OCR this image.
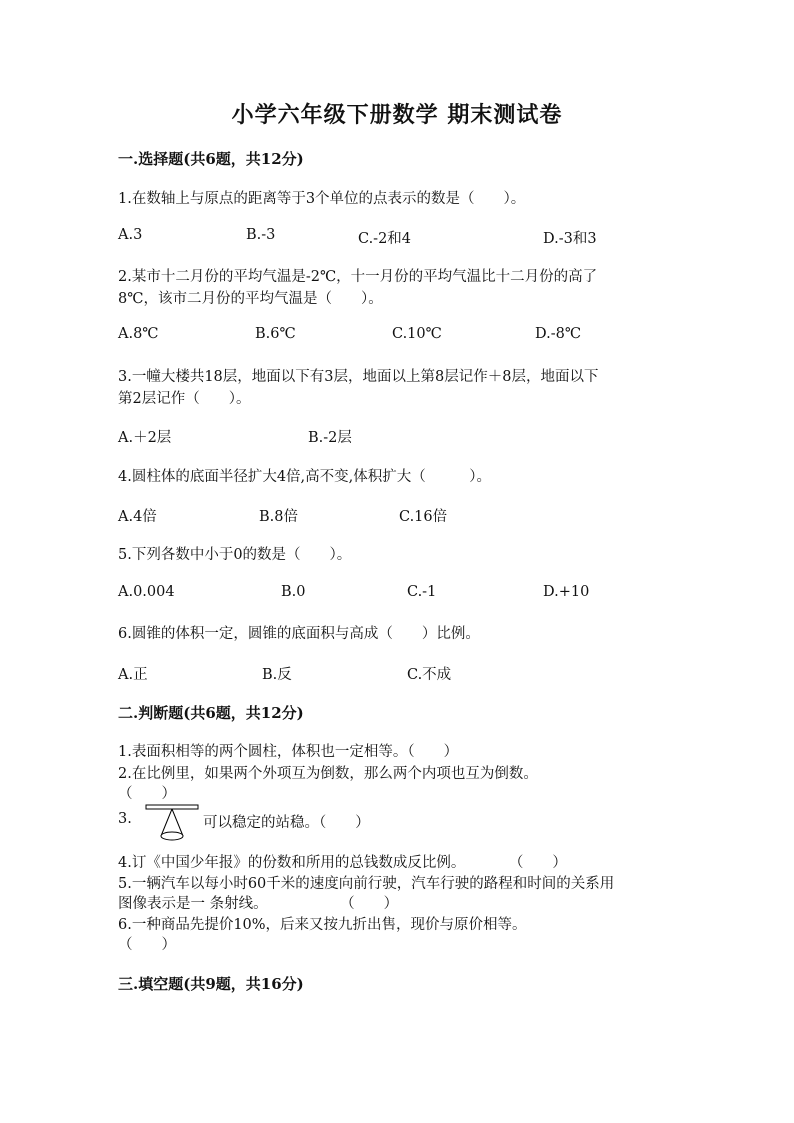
小学六年级下册数学 期末测试卷
一.选择题(共6题，共12分)
1.在数轴上与原点的距离等于3个单位的点表示的数是（　　）。
A.3	B.-3	C.-2和4	D.-3和3
2.某市十二月份的平均气温是-2℃，十一月份的平均气温比十二月份的高了
8℃，该市二月份的平均气温是（　　）。
A.8℃	B.6℃	C.10℃	D.-8℃
3.一幢大楼共18层，地面以下有3层，地面以上第8层记作＋8层，地面以下
第2层记作（　　）。
A.＋2层	B.-2层
4.圆柱体的底面半径扩大4倍,高不变,体积扩大（　　　）。
A.4倍	B.8倍	C.16倍
5.下列各数中小于0的数是（　　）。
A.0.004	B.0	C.-1	D.+10
6.圆锥的体积一定，圆锥的底面积与高成（　　）比例。
A.正	B.反	C.不成
二.判断题(共6题，共12分)
1.表面积相等的两个圆柱，体积也一定相等。（　　）
2.在比例里，如果两个外项互为倒数，那么两个内项也互为倒数。
（　　）
3.	可以稳定的站稳。（　　）
4.订《中国少年报》的份数和所用的总钱数成反比例。　　　　（　　）
5.一辆汽车以每小时60千米的速度向前行驶，汽车行驶的路程和时间的关系用
图像表示是一 条射线。　　　　　　（　　）
6.一种商品先提价10%，后来又按九折出售，现价与原价相等。
（　　）
三.填空题(共9题，共16分)
